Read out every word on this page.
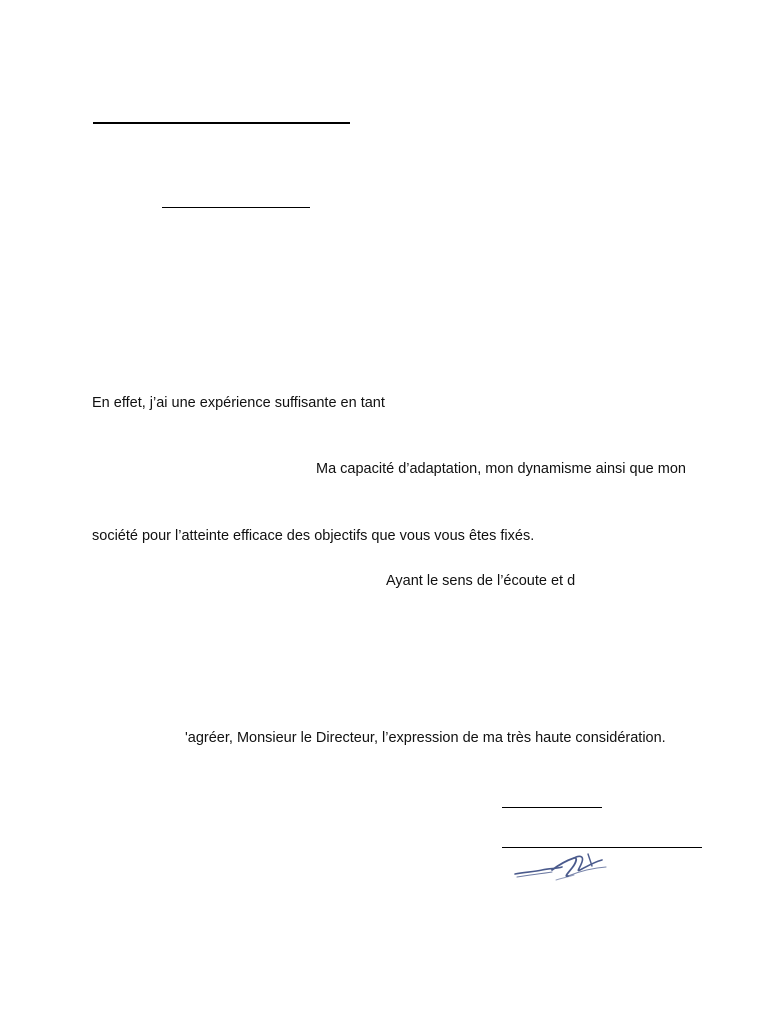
En effet, j’ai une expérience suffisante en tant
Ma capacité d’adaptation, mon dynamisme ainsi que mon
société pour l’atteinte efficace des objectifs que vous vous êtes fixés.
Ayant le sens de l’écoute et d
'agréer, Monsieur le Directeur, l’expression de ma très haute considération.
